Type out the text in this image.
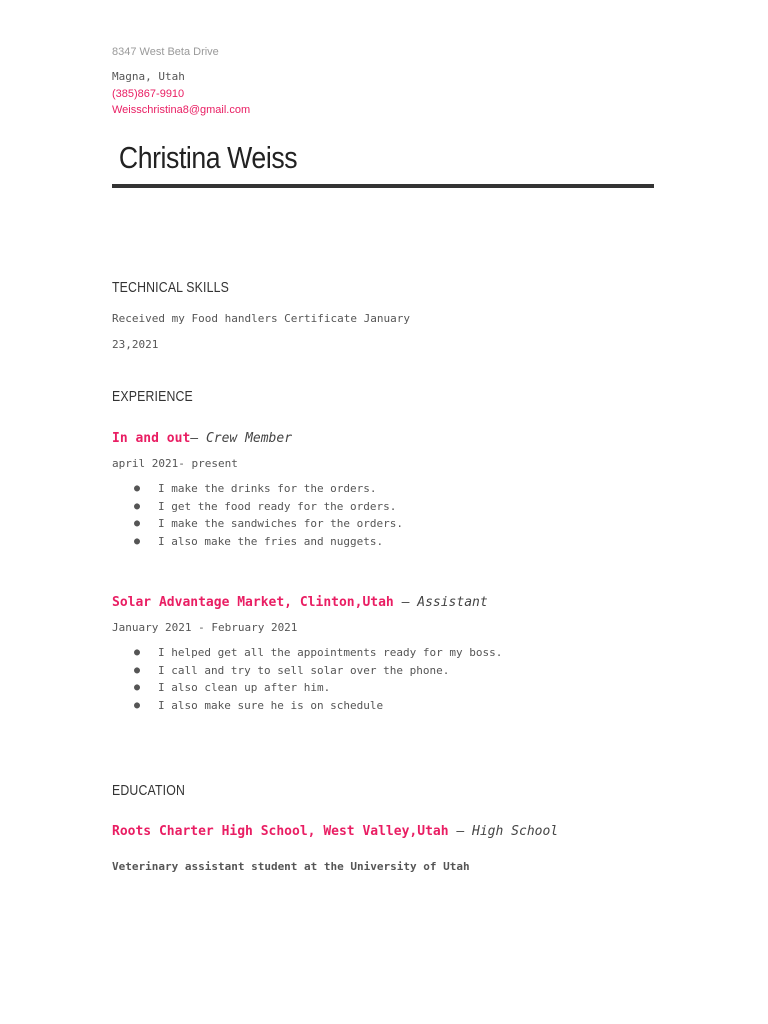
8347 West Beta Drive
Magna, Utah
(385)867-9910
Weisschristina8@gmail.com
Christina Weiss
TECHNICAL SKILLS
Received my Food handlers Certificate January
23,2021
EXPERIENCE
In and out— Crew Member
april 2021- present
● I make the drinks for the orders.
● I get the food ready for the orders.
● I make the sandwiches for the orders.
● I also make the fries and nuggets.
Solar Advantage Market, Clinton,Utah — Assistant
January 2021 - February 2021
● I helped get all the appointments ready for my boss.
● I call and try to sell solar over the phone.
● I also clean up after him.
● I also make sure he is on schedule
EDUCATION
Roots Charter High School, West Valley,Utah — High School
Veterinary assistant student at the University of Utah
